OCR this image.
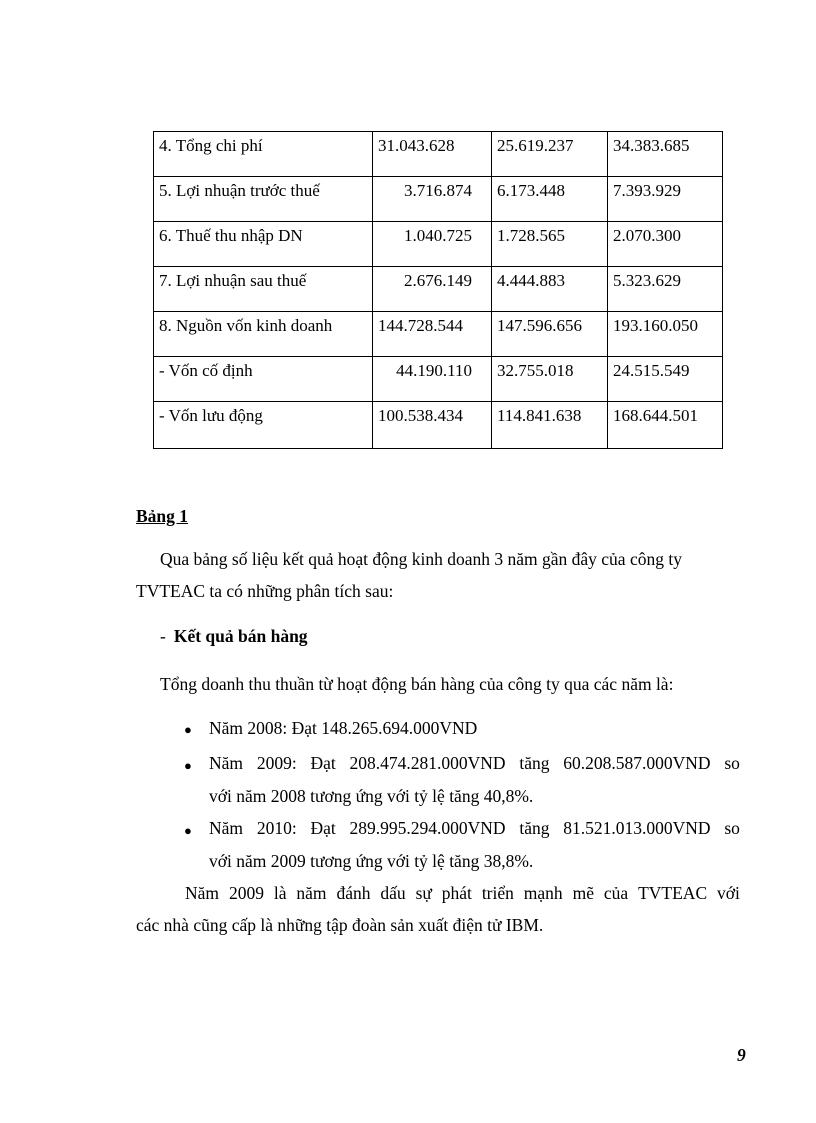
4. Tổng chi phí	31.043.628	25.619.237	34.383.685
5. Lợi nhuận trước thuế	3.716.874	6.173.448	7.393.929
6. Thuế thu nhập DN	1.040.725	1.728.565	2.070.300
7. Lợi nhuận sau thuế	2.676.149	4.444.883	5.323.629
8. Nguồn vốn kinh doanh	144.728.544	147.596.656	193.160.050
- Vốn cố định	44.190.110	32.755.018	24.515.549
- Vốn lưu động	100.538.434	114.841.638	168.644.501
Bảng 1
Qua bảng số liệu kết quả hoạt động kinh doanh 3 năm gần đây của công ty
TVTEAC ta có những phân tích sau:
- Kết quả bán hàng
Tổng doanh thu thuần từ hoạt động bán hàng của công ty qua các năm là:
● Năm 2008: Đạt 148.265.694.000VND
● Năm 2009: Đạt 208.474.281.000VND tăng 60.208.587.000VND so
với năm 2008 tương ứng với tỷ lệ tăng 40,8%.
● Năm 2010: Đạt 289.995.294.000VND tăng 81.521.013.000VND so
với năm 2009 tương ứng với tỷ lệ tăng 38,8%.
Năm 2009 là năm đánh dấu sự phát triển mạnh mẽ của TVTEAC với
các nhà cũng cấp là những tập đoàn sản xuất điện tử IBM.
9
